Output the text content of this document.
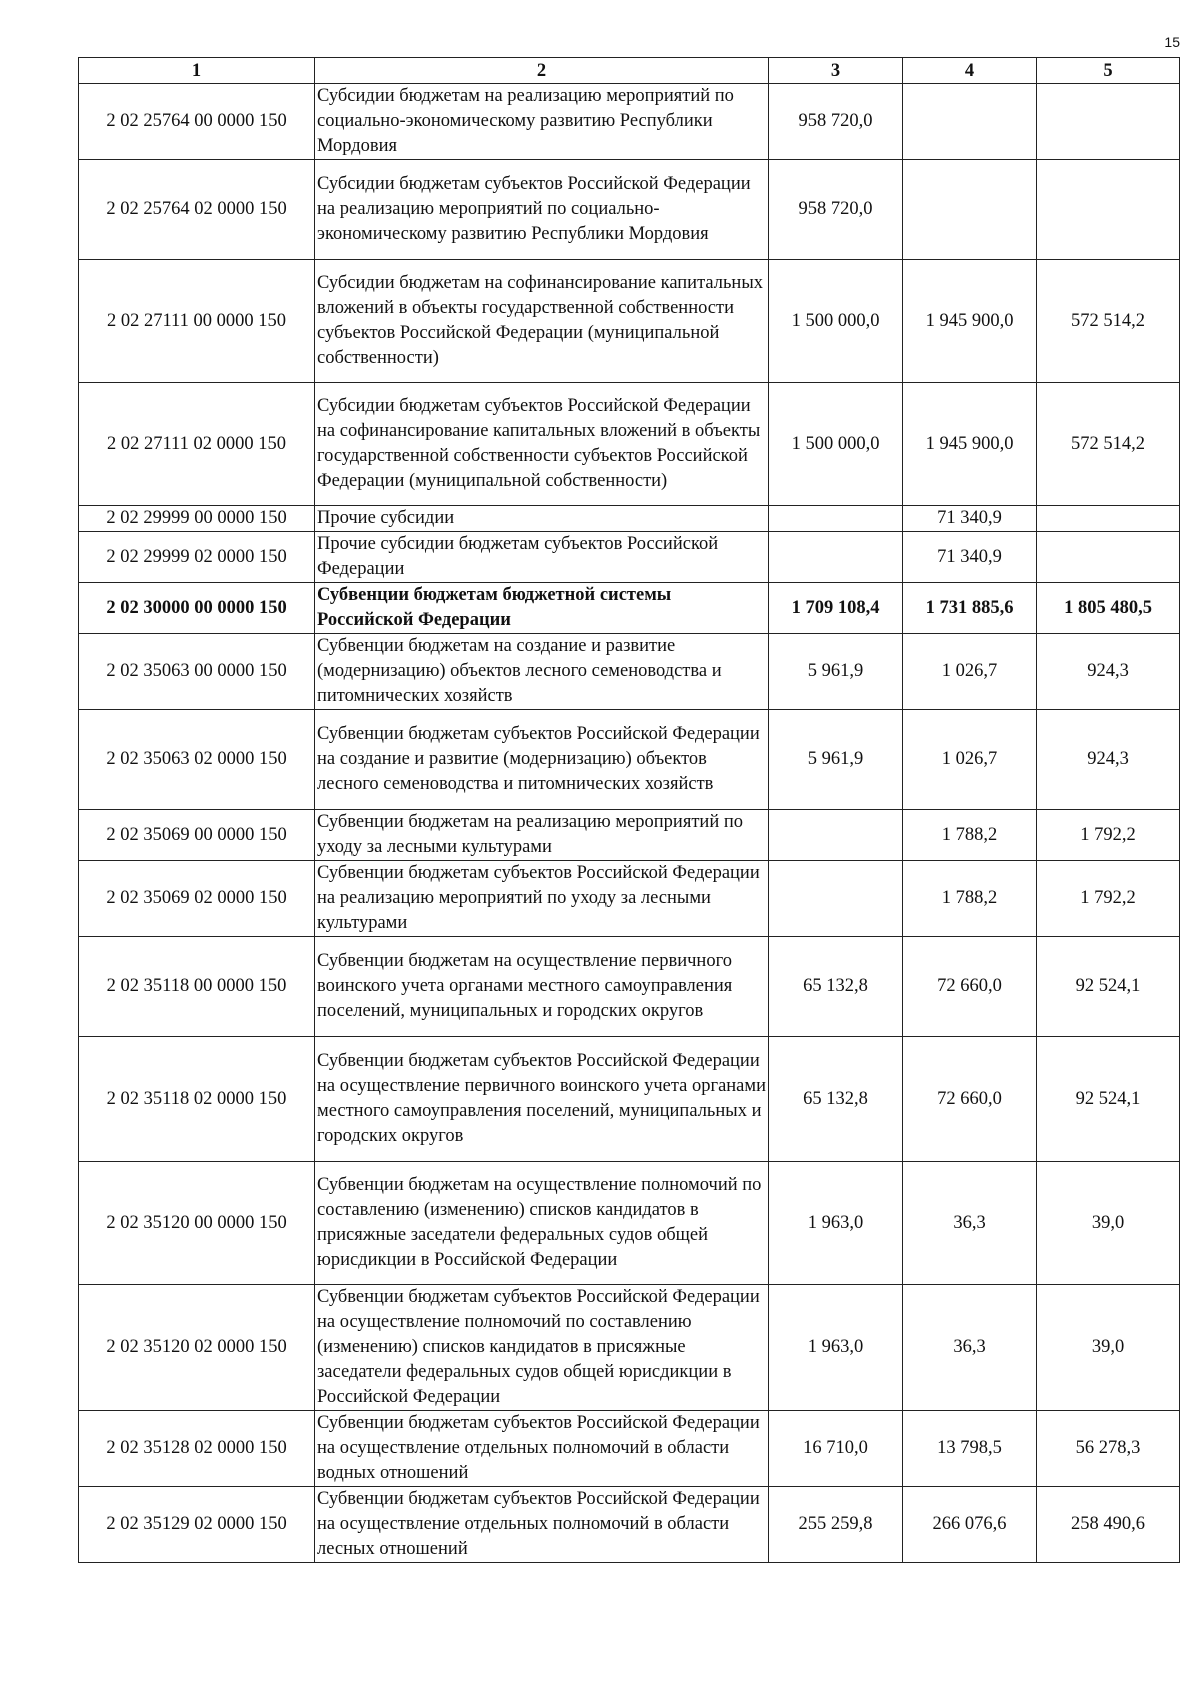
15
1	2	3	4	5
2 02 25764 00 0000 150	Субсидии бюджетам на реализацию мероприятий по социально-экономическому развитию Республики Мордовия	958 720,0		
2 02 25764 02 0000 150	Субсидии бюджетам субъектов Российской Федерации на реализацию мероприятий по социально-экономическому развитию Республики Мордовия	958 720,0		
2 02 27111 00 0000 150	Субсидии бюджетам на софинансирование капитальных вложений в объекты государственной собственности субъектов Российской Федерации (муниципальной собственности)	1 500 000,0	1 945 900,0	572 514,2
2 02 27111 02 0000 150	Субсидии бюджетам субъектов Российской Федерации на софинансирование капитальных вложений в объекты государственной собственности субъектов Российской Федерации (муниципальной собственности)	1 500 000,0	1 945 900,0	572 514,2
2 02 29999 00 0000 150	Прочие субсидии		71 340,9	
2 02 29999 02 0000 150	Прочие субсидии бюджетам субъектов Российской Федерации		71 340,9	
2 02 30000 00 0000 150	Субвенции бюджетам бюджетной системы Российской Федерации	1 709 108,4	1 731 885,6	1 805 480,5
2 02 35063 00 0000 150	Субвенции бюджетам на создание и развитие (модернизацию) объектов лесного семеноводства и питомнических хозяйств	5 961,9	1 026,7	924,3
2 02 35063 02 0000 150	Субвенции бюджетам субъектов Российской Федерации на создание и развитие (модернизацию) объектов лесного семеноводства и питомнических хозяйств	5 961,9	1 026,7	924,3
2 02 35069 00 0000 150	Субвенции бюджетам на реализацию мероприятий по уходу за лесными культурами		1 788,2	1 792,2
2 02 35069 02 0000 150	Субвенции бюджетам субъектов Российской Федерации на реализацию мероприятий по уходу за лесными культурами		1 788,2	1 792,2
2 02 35118 00 0000 150	Субвенции бюджетам на осуществление первичного воинского учета органами местного самоуправления поселений, муниципальных и городских округов	65 132,8	72 660,0	92 524,1
2 02 35118 02 0000 150	Субвенции бюджетам субъектов Российской Федерации на осуществление первичного воинского учета органами местного самоуправления поселений, муниципальных и городских округов	65 132,8	72 660,0	92 524,1
2 02 35120 00 0000 150	Субвенции бюджетам на осуществление полномочий по составлению (изменению) списков кандидатов в присяжные заседатели федеральных судов общей юрисдикции в Российской Федерации	1 963,0	36,3	39,0
2 02 35120 02 0000 150	Субвенции бюджетам субъектов Российской Федерации на осуществление полномочий по составлению (изменению) списков кандидатов в присяжные заседатели федеральных судов общей юрисдикции в Российской Федерации	1 963,0	36,3	39,0
2 02 35128 02 0000 150	Субвенции бюджетам субъектов Российской Федерации на осуществление отдельных полномочий в области водных отношений	16 710,0	13 798,5	56 278,3
2 02 35129 02 0000 150	Субвенции бюджетам субъектов Российской Федерации на осуществление отдельных полномочий в области лесных отношений	255 259,8	266 076,6	258 490,6
